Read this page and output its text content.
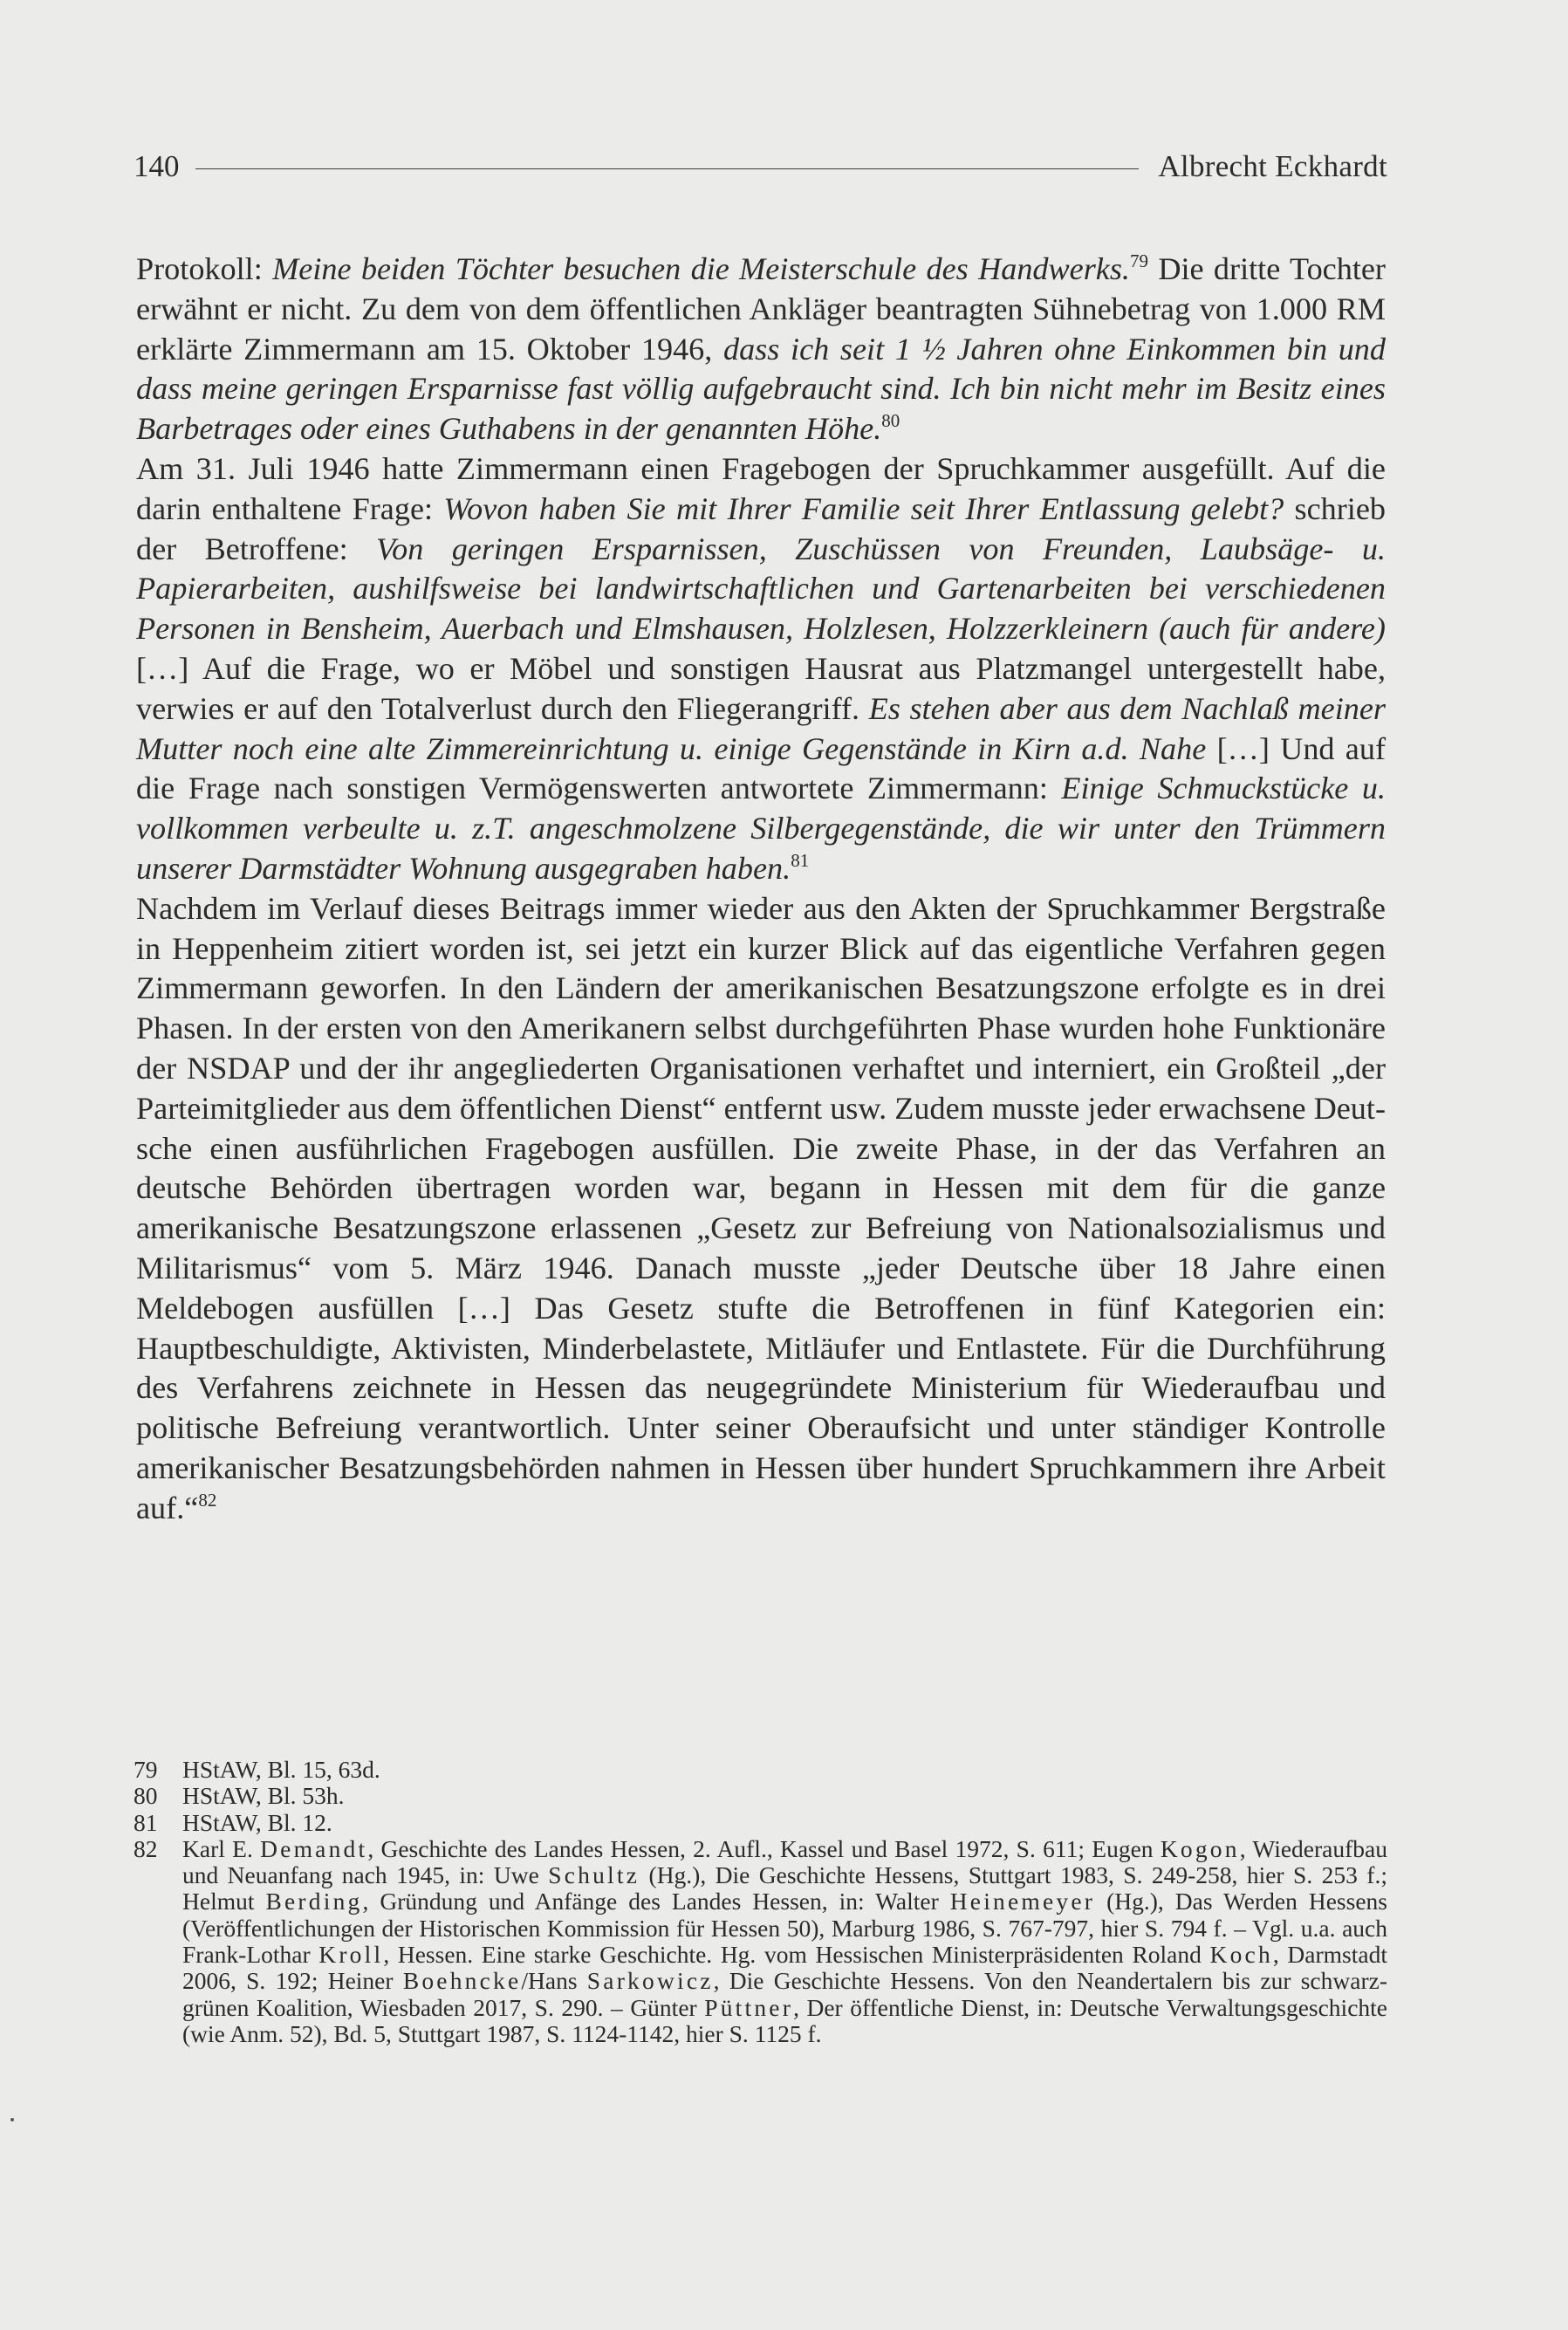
140	Albrecht Eckhardt

Protokoll: Meine beiden Töchter besuchen die Meisterschule des Handwerks.$^{79}$ Die dritte Tochter erwähnt er nicht. Zu dem von dem öffentlichen Ankläger beantragten Sühnebetrag von 1.000 RM erklärte Zimmermann am 15. Oktober 1946, dass ich seit 1 ½ Jahren ohne Einkommen bin und dass meine geringen Ersparnisse fast völlig aufgebraucht sind. Ich bin nicht mehr im Besitz eines Barbetrages oder eines Guthabens in der genannten Höhe.$^{80}$

Am 31. Juli 1946 hatte Zimmermann einen Fragebogen der Spruchkammer ausgefüllt. Auf die darin enthaltene Frage: Wovon haben Sie mit Ihrer Familie seit Ihrer Entlassung gelebt? schrieb der Betroffene: Von geringen Ersparnissen, Zuschüssen von Freunden, Laubsäge- u. Papierarbeiten, aushilfsweise bei landwirtschaftlichen und Gartenarbeiten bei verschiedenen Personen in Bensheim, Auerbach und Elmshausen, Holzlesen, Holzzerkleinern (auch für andere) […] Auf die Frage, wo er Möbel und sonstigen Hausrat aus Platzmangel untergestellt habe, verwies er auf den Totalverlust durch den Fliegerangriff. Es stehen aber aus dem Nachlaß meiner Mutter noch eine alte Zimmereinrichtung u. einige Gegenstände in Kirn a.d. Nahe […] Und auf die Frage nach sonstigen Vermögenswerten antwortete Zimmermann: Einige Schmuckstücke u. vollkommen verbeulte u. z.T. angeschmolzene Silbergegenstände, die wir unter den Trümmern unserer Darmstädter Wohnung ausgegraben haben.$^{81}$

Nachdem im Verlauf dieses Beitrags immer wieder aus den Akten der Spruchkammer Bergstraße in Heppenheim zitiert worden ist, sei jetzt ein kurzer Blick auf das eigentliche Verfahren gegen Zimmermann geworfen. In den Ländern der amerikanischen Besatzungszone erfolgte es in drei Phasen. In der ersten von den Amerikanern selbst durchgeführten Phase wurden hohe Funktionäre der NSDAP und der ihr angegliederten Organisationen verhaftet und interniert, ein Großteil „der Parteimitglieder aus dem öffentlichen Dienst“ entfernt usw. Zudem musste jeder erwachsene Deutsche einen ausführlichen Fragebogen ausfüllen. Die zweite Phase, in der das Verfahren an deutsche Behörden übertragen worden war, begann in Hessen mit dem für die ganze amerikanische Besatzungszone erlassenen „Gesetz zur Befreiung von Nationalsozialismus und Militarismus“ vom 5. März 1946. Danach musste „jeder Deutsche über 18 Jahre einen Meldebogen ausfüllen […] Das Gesetz stufte die Betroffenen in fünf Kategorien ein: Hauptbeschuldigte, Aktivisten, Minderbelastete, Mitläufer und Entlastete. Für die Durchführung des Verfahrens zeichnete in Hessen das neugegründete Ministerium für Wiederaufbau und politische Befreiung verantwortlich. Unter seiner Oberaufsicht und unter ständiger Kontrolle amerikanischer Besatzungsbehörden nahmen in Hessen über hundert Spruchkammern ihre Arbeit auf.“$^{82}$

79	HStAW, Bl. 15, 63d.
80	HStAW, Bl. 53h.
81	HStAW, Bl. 12.
82	Karl E. Demandt, Geschichte des Landes Hessen, 2. Aufl., Kassel und Basel 1972, S. 611; Eugen Kogon, Wiederaufbau und Neuanfang nach 1945, in: Uwe Schultz (Hg.), Die Geschichte Hessens, Stuttgart 1983, S. 249-258, hier S. 253 f.; Helmut Berding, Gründung und Anfänge des Landes Hessen, in: Walter Heinemeyer (Hg.), Das Werden Hessens (Veröffentlichungen der Historischen Kommission für Hessen 50), Marburg 1986, S. 767-797, hier S. 794 f. – Vgl. u.a. auch Frank-Lothar Kroll, Hessen. Eine starke Geschichte. Hg. vom Hessischen Ministerpräsidenten Roland Koch, Darmstadt 2006, S. 192; Heiner Boehncke/Hans Sarkowicz, Die Geschichte Hessens. Von den Neandertalern bis zur schwarz-grünen Koalition, Wiesbaden 2017, S. 290. – Günter Püttner, Der öffentliche Dienst, in: Deutsche Verwaltungsgeschichte (wie Anm. 52), Bd. 5, Stuttgart 1987, S. 1124-1142, hier S. 1125 f.
